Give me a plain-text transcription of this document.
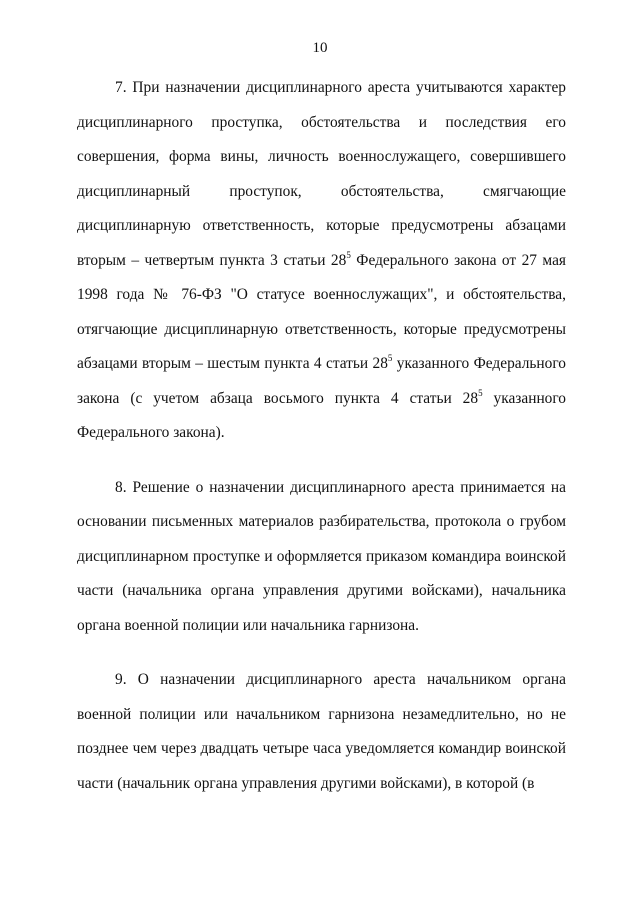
10

7. При назначении дисциплинарного ареста учитываются характер дисциплинарного проступка, обстоятельства и последствия его совершения, форма вины, личность военнослужащего, совершившего дисциплинарный проступок, обстоятельства, смягчающие дисциплинарную ответственность, которые предусмотрены абзацами вторым – четвертым пункта 3 статьи $28^5$ Федерального закона от 27 мая 1998 года № 76-ФЗ "О статусе военнослужащих", и обстоятельства, отягчающие дисциплинарную ответственность, которые предусмотрены абзацами вторым – шестым пункта 4 статьи $28^5$ указанного Федерального закона (с учетом абзаца восьмого пункта 4 статьи $28^5$ указанного Федерального закона).

8. Решение о назначении дисциплинарного ареста принимается на основании письменных материалов разбирательства, протокола о грубом дисциплинарном проступке и оформляется приказом командира воинской части (начальника органа управления другими войсками), начальника органа военной полиции или начальника гарнизона.

9. О назначении дисциплинарного ареста начальником органа военной полиции или начальником гарнизона незамедлительно, но не позднее чем через двадцать четыре часа уведомляется командир воинской части (начальник органа управления другими войсками), в которой (в
